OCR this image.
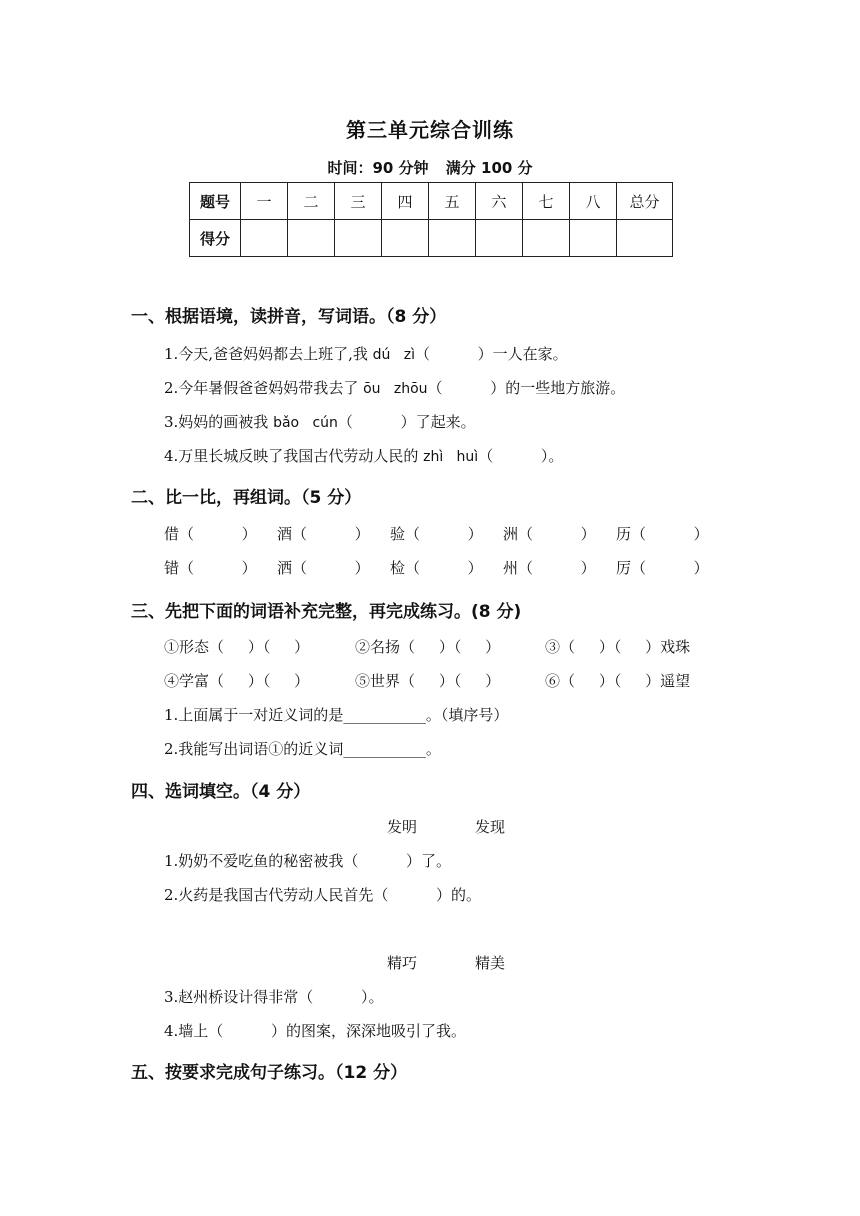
第三单元综合训练
时间：90 分钟 满分 100 分
题号	一	二	三	四	五	六	七	八	总分
得分									
一、根据语境，读拼音，写词语。（8 分）
1.今天,爸爸妈妈都去上班了,我 dú   zì（          ）一人在家。
2.今年暑假爸爸妈妈带我去了 ōu   zhōu（          ）的一些地方旅游。
3.妈妈的画被我 bǎo   cún（          ）了起来。
4.万里长城反映了我国古代劳动人民的 zhì   huì（          ）。
二、比一比，再组词。（5 分）
借（          ） 酒（          ） 验（          ） 洲（          ） 历（          ）
错（          ） 洒（          ） 检（          ） 州（          ） 厉（          ）
三、先把下面的词语补充完整，再完成练习。(8 分)
①形态（     ）（     ）	②名扬（     ）（     ）	③（     ）（     ）戏珠
④学富（     ）（     ）	⑤世界（     ）（     ）	⑥（     ）（     ）遥望
1.上面属于一对近义词的是___________。（填序号）
2.我能写出词语①的近义词___________。
四、选词填空。（4 分）
发明	发现
1.奶奶不爱吃鱼的秘密被我（          ）了。
2.火药是我国古代劳动人民首先（          ）的。
精巧	精美
3.赵州桥设计得非常（          ）。
4.墙上（          ）的图案，深深地吸引了我。
五、按要求完成句子练习。（12 分）
